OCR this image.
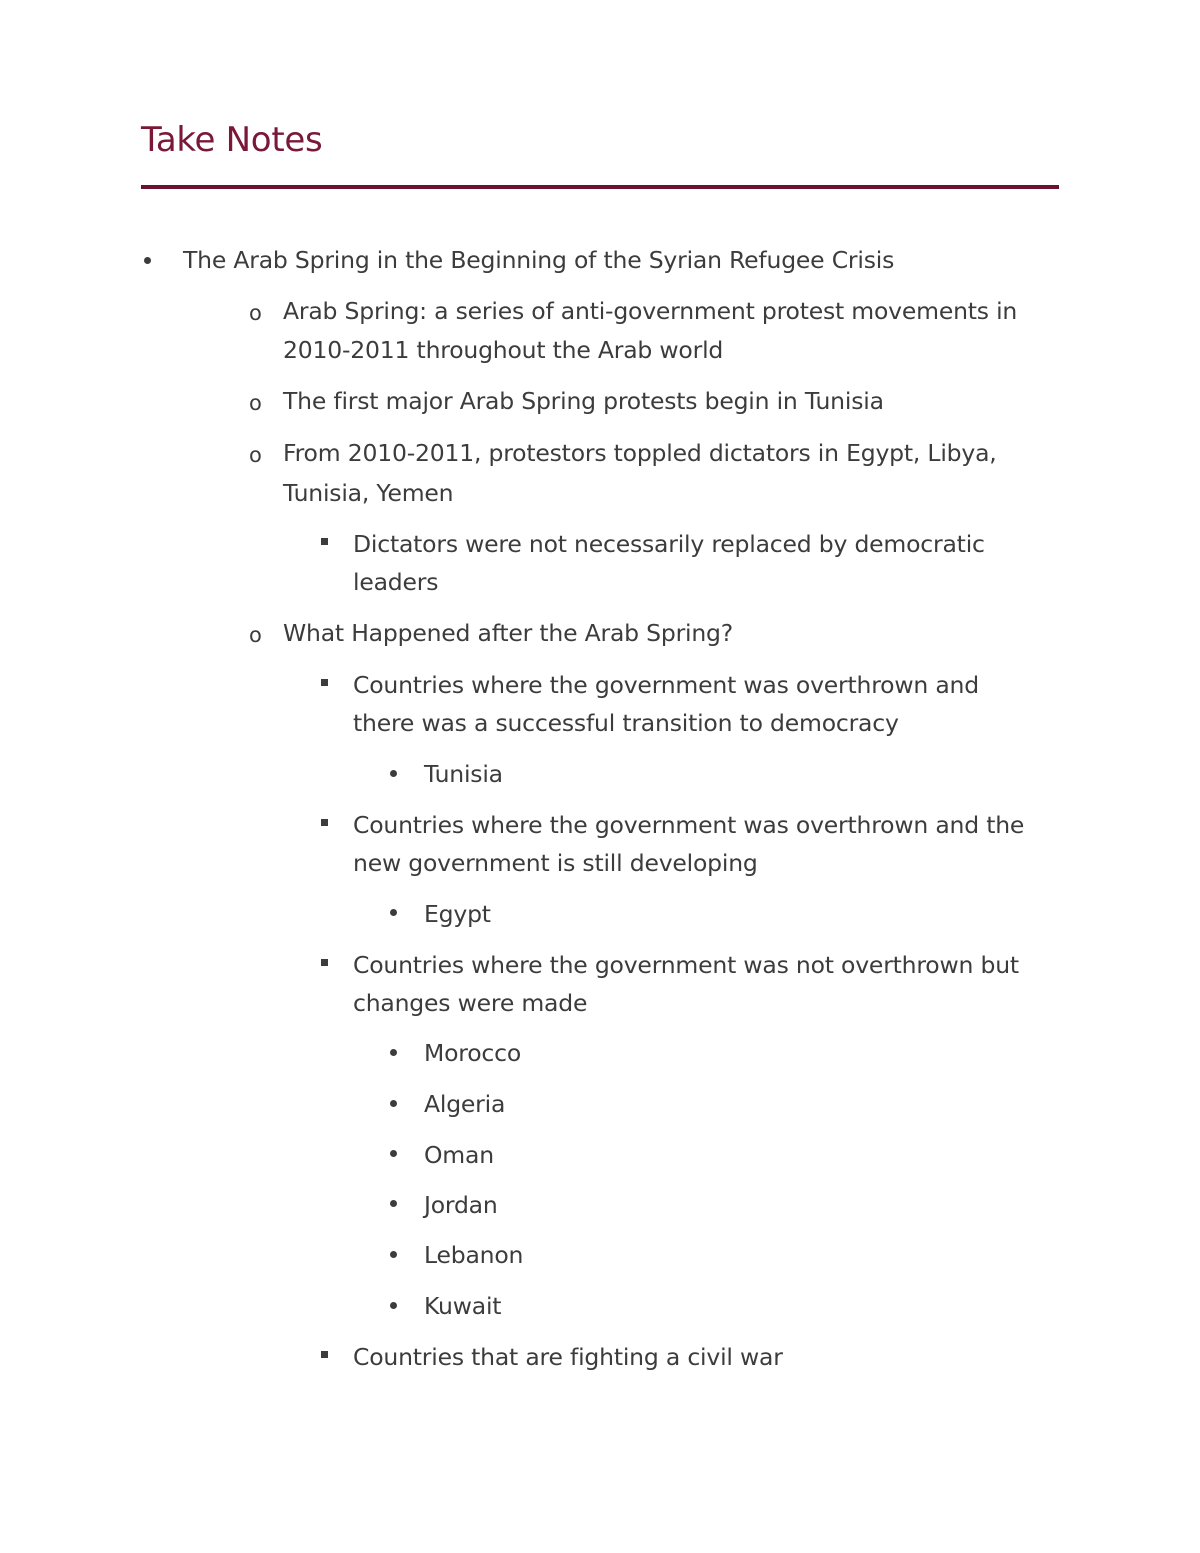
Take Notes
The Arab Spring in the Beginning of the Syrian Refugee Crisis
o Arab Spring: a series of anti-government protest movements in
2010-2011 throughout the Arab world
o The first major Arab Spring protests begin in Tunisia
o From 2010-2011, protestors toppled dictators in Egypt, Libya,
Tunisia, Yemen
Dictators were not necessarily replaced by democratic
leaders
o What Happened after the Arab Spring?
Countries where the government was overthrown and
there was a successful transition to democracy
Tunisia
Countries where the government was overthrown and the
new government is still developing
Egypt
Countries where the government was not overthrown but
changes were made
Morocco
Algeria
Oman
Jordan
Lebanon
Kuwait
Countries that are fighting a civil war
